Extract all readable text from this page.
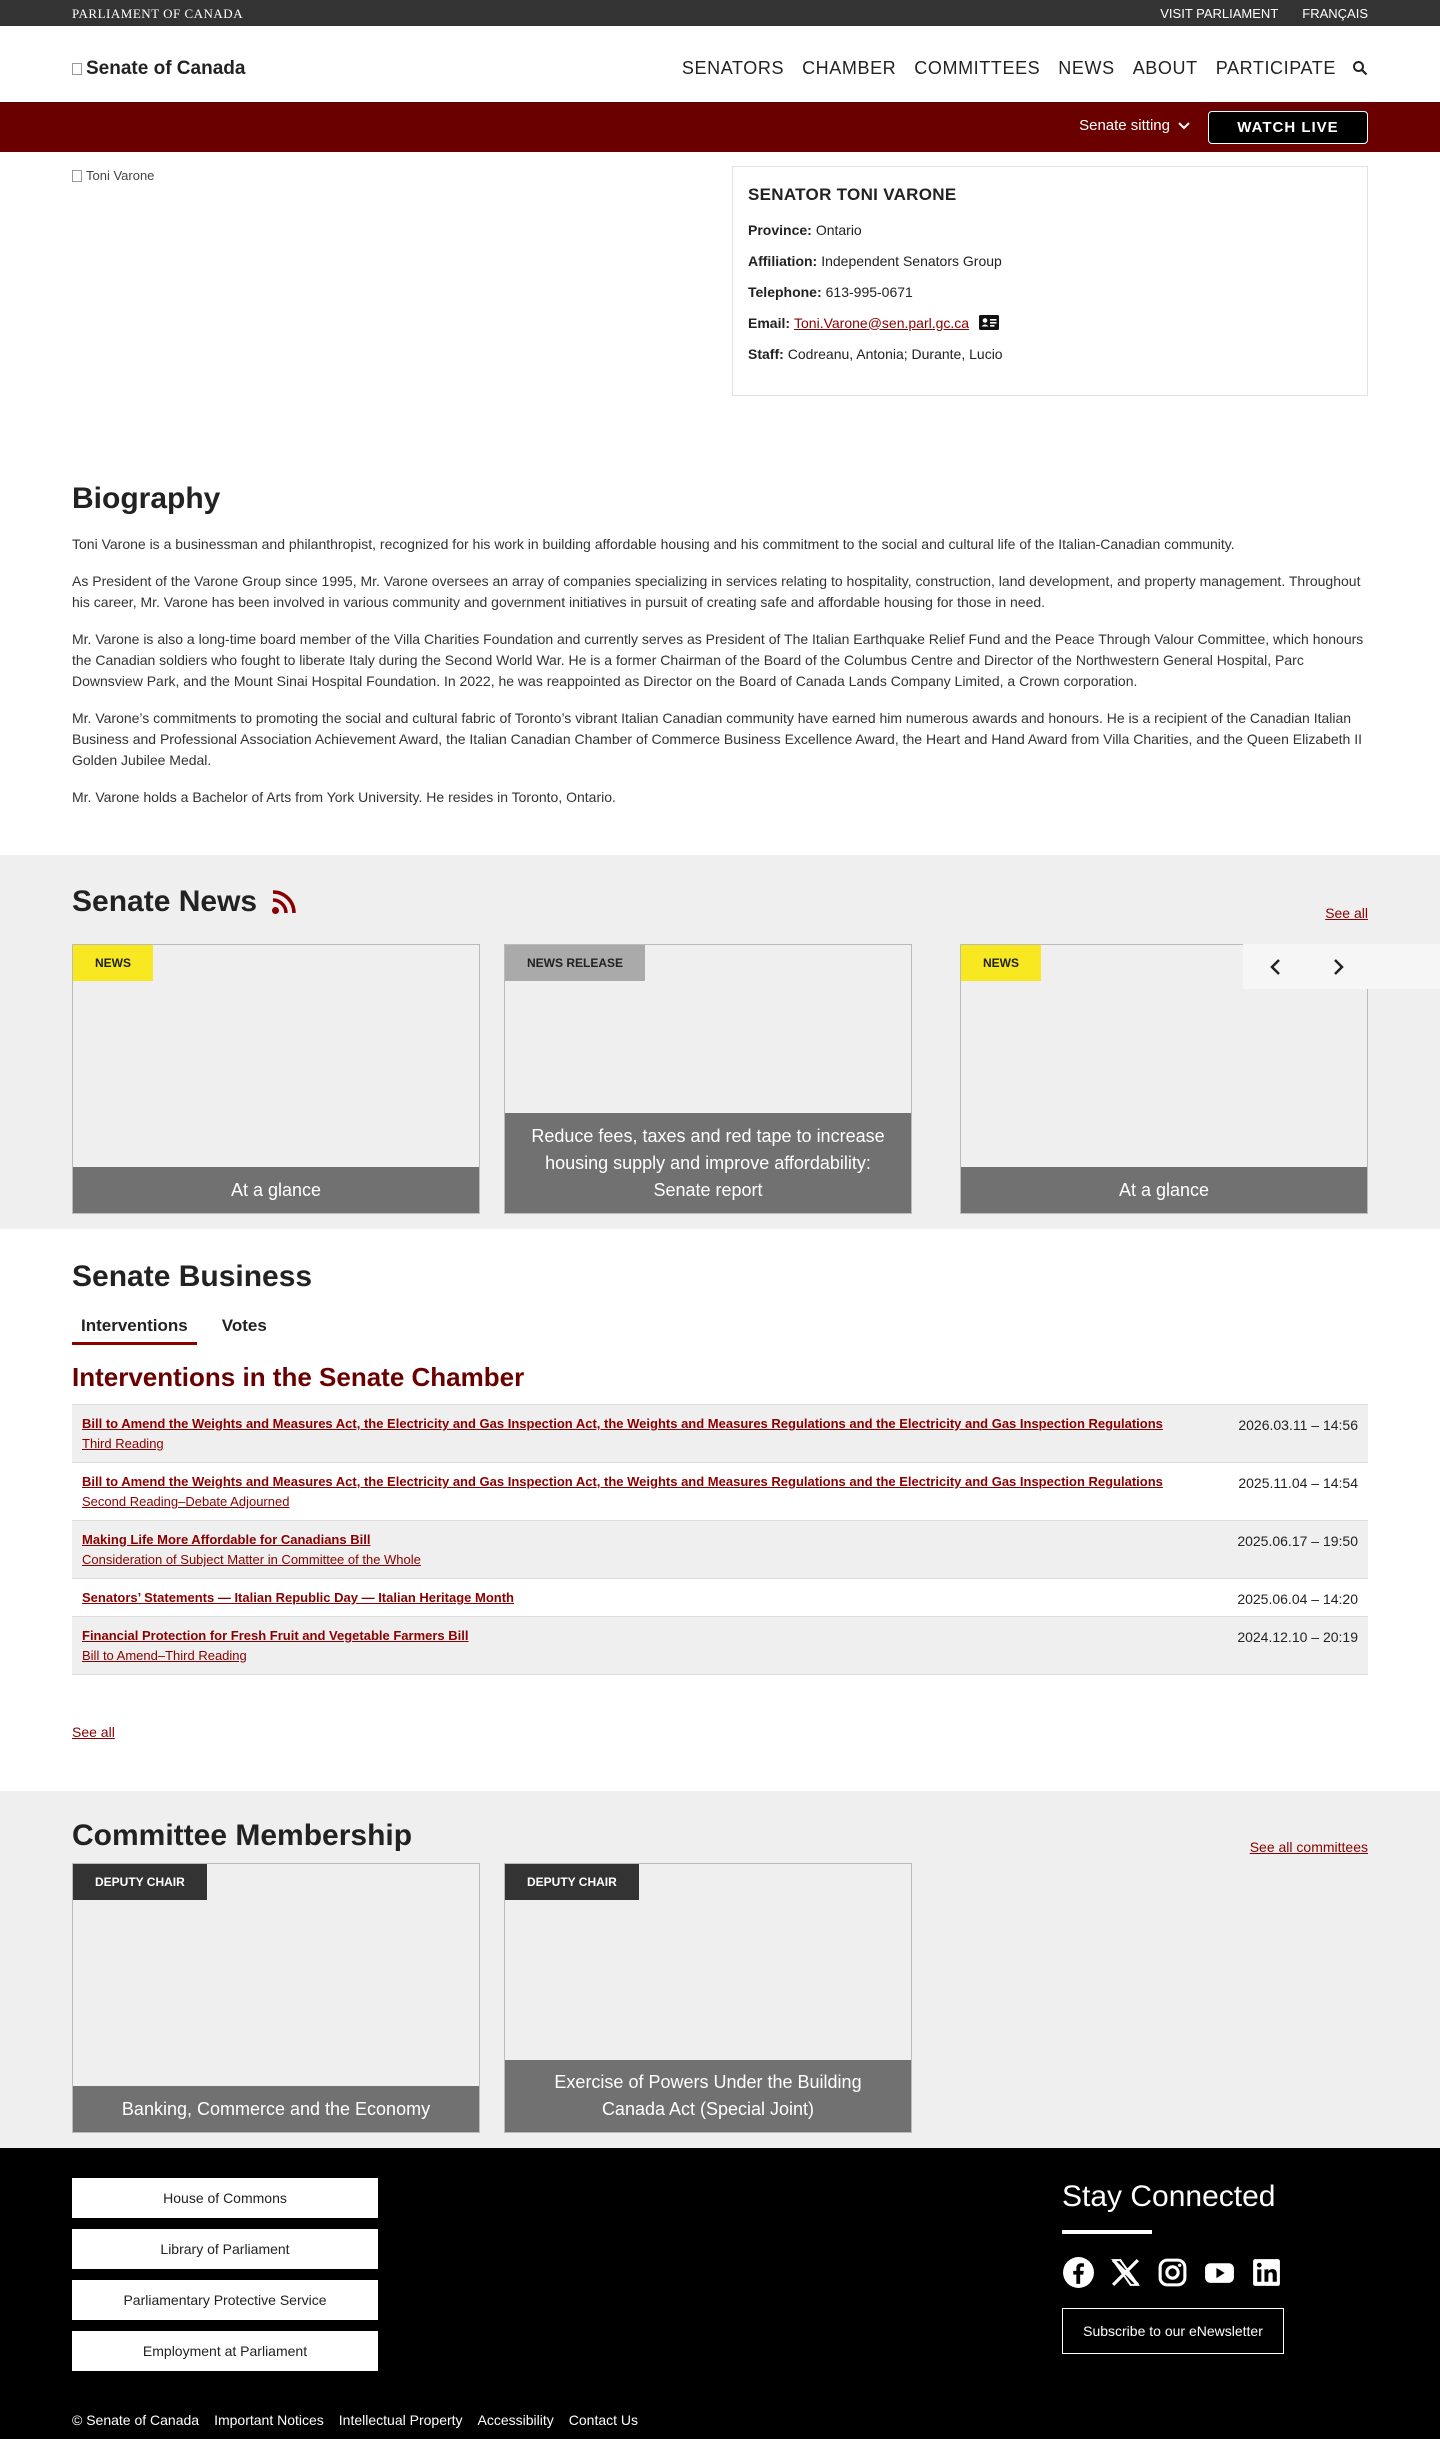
PARLIAMENT OF CANADA	VISIT PARLIAMENT FRANÇAIS
Senate of Canada	SENATORS CHAMBER COMMITTEES NEWS ABOUT PARTICIPATE
Senate sitting	WATCH LIVE
Toni Varone
SENATOR TONI VARONE
Province: Ontario
Affiliation: Independent Senators Group
Telephone: 613-995-0671
Email: Toni.Varone@sen.parl.gc.ca
Staff: Codreanu, Antonia; Durante, Lucio
Biography

Toni Varone is a businessman and philanthropist, recognized for his work in building affordable housing and his commitment to the social and cultural life of the Italian-Canadian community.

As President of the Varone Group since 1995, Mr. Varone oversees an array of companies specializing in services relating to hospitality, construction, land development, and property management. Throughout his career, Mr. Varone has been involved in various community and government initiatives in pursuit of creating safe and affordable housing for those in need.

Mr. Varone is also a long-time board member of the Villa Charities Foundation and currently serves as President of The Italian Earthquake Relief Fund and the Peace Through Valour Committee, which honours the Canadian soldiers who fought to liberate Italy during the Second World War. He is a former Chairman of the Board of the Columbus Centre and Director of the Northwestern General Hospital, Parc Downsview Park, and the Mount Sinai Hospital Foundation. In 2022, he was reappointed as Director on the Board of Canada Lands Company Limited, a Crown corporation.

Mr. Varone’s commitments to promoting the social and cultural fabric of Toronto’s vibrant Italian Canadian community have earned him numerous awards and honours. He is a recipient of the Canadian Italian Business and Professional Association Achievement Award, the Italian Canadian Chamber of Commerce Business Excellence Award, the Heart and Hand Award from Villa Charities, and the Queen Elizabeth II Golden Jubilee Medal.

Mr. Varone holds a Bachelor of Arts from York University. He resides in Toronto, Ontario.

Senate News	See all
NEWS
At a glance
NEWS RELEASE
Reduce fees, taxes and red tape to increase housing supply and improve affordability: Senate report
NEWS
At a glance
Senate Business
Interventions	Votes
Interventions in the Senate Chamber
Bill to Amend the Weights and Measures Act, the Electricity and Gas Inspection Act, the Weights and Measures Regulations and the Electricity and Gas Inspection Regulations
Third Reading
2026.03.11 – 14:56
Bill to Amend the Weights and Measures Act, the Electricity and Gas Inspection Act, the Weights and Measures Regulations and the Electricity and Gas Inspection Regulations
Second Reading–Debate Adjourned
2025.11.04 – 14:54
Making Life More Affordable for Canadians Bill
Consideration of Subject Matter in Committee of the Whole
2025.06.17 – 19:50
Senators’ Statements — Italian Republic Day — Italian Heritage Month	2025.06.04 – 14:20
Financial Protection for Fresh Fruit and Vegetable Farmers Bill
Bill to Amend–Third Reading
2024.12.10 – 20:19
See all
Committee Membership	See all committees
DEPUTY CHAIR
Banking, Commerce and the Economy
DEPUTY CHAIR
Exercise of Powers Under the Building Canada Act (Special Joint)
House of Commons
Library of Parliament
Parliamentary Protective Service
Employment at Parliament
Stay Connected
Subscribe to our eNewsletter
© Senate of Canada Important Notices Intellectual Property Accessibility Contact Us
